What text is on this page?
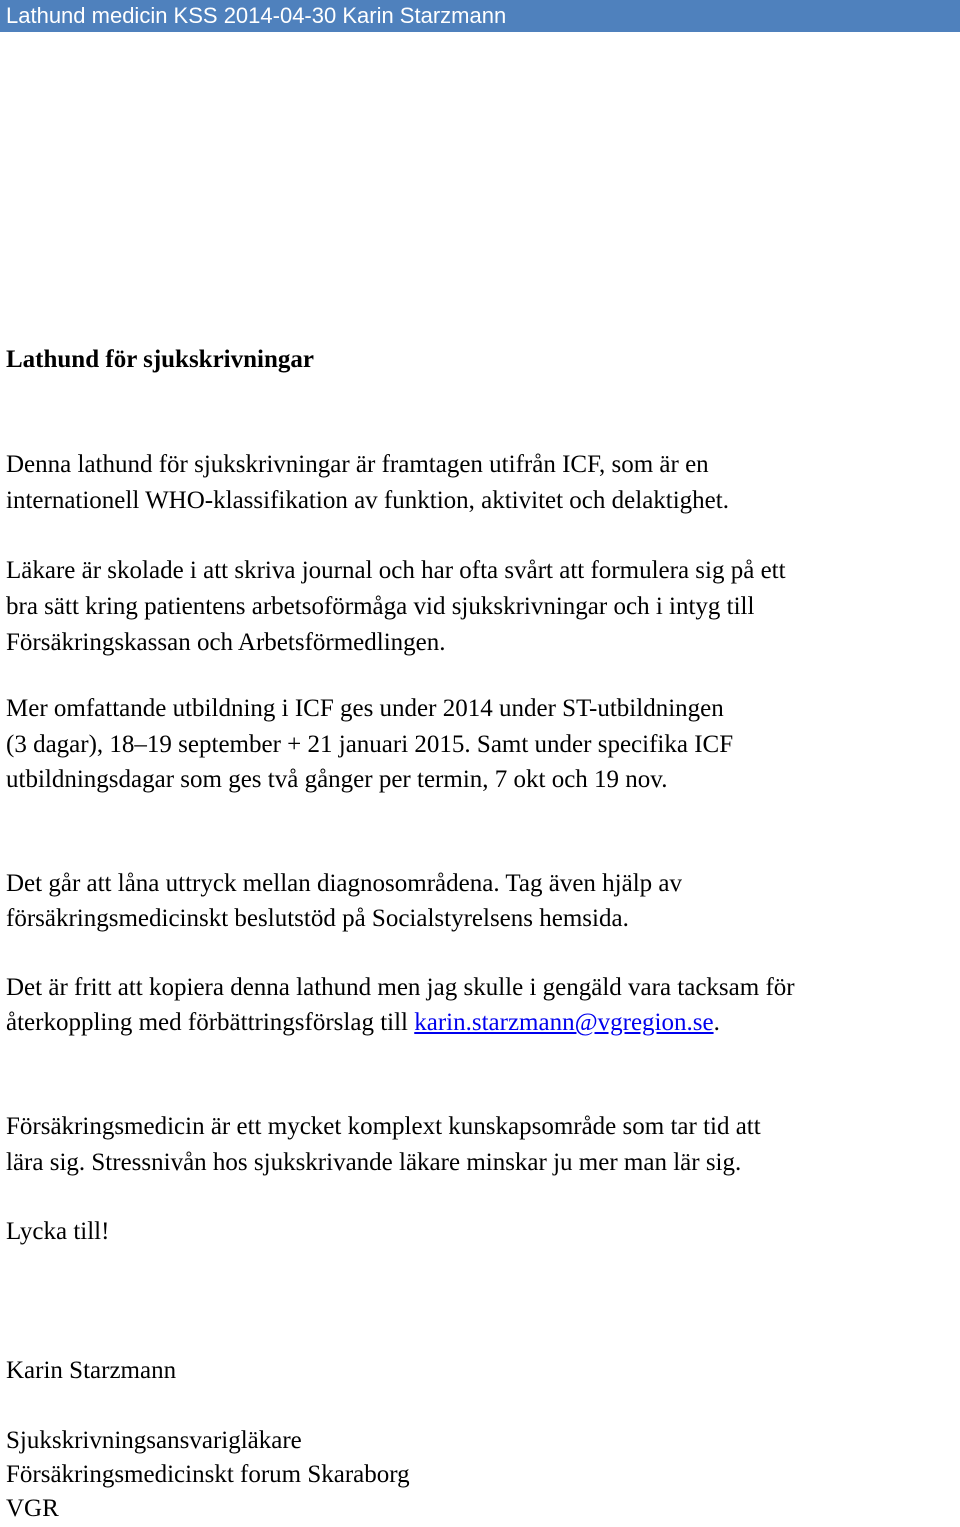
Lathund medicin KSS 2014-04-30 Karin Starzmann

Lathund för sjukskrivningar

Denna lathund för sjukskrivningar är framtagen utifrån ICF, som är en

internationell WHO-klassifikation av funktion, aktivitet och delaktighet.

Läkare är skolade i att skriva journal och har ofta svårt att formulera sig på ett

bra sätt kring patientens arbetsoförmåga vid sjukskrivningar och i intyg till

Försäkringskassan och Arbetsförmedlingen.

Mer omfattande utbildning i ICF ges under 2014 under ST-utbildningen

(3 dagar), 18–19 september + 21 januari 2015. Samt under specifika ICF

utbildningsdagar som ges två gånger per termin, 7 okt och 19 nov.

Det går att låna uttryck mellan diagnosområdena. Tag även hjälp av

försäkringsmedicinskt beslutstöd på Socialstyrelsens hemsida.

Det är fritt att kopiera denna lathund men jag skulle i gengäld vara tacksam för

återkoppling med förbättringsförslag till karin.starzmann@vgregion.se.

Försäkringsmedicin är ett mycket komplext kunskapsområde som tar tid att

lära sig. Stressnivån hos sjukskrivande läkare minskar ju mer man lär sig.

Lycka till!

Karin Starzmann

Sjukskrivningsansvarigläkare

Försäkringsmedicinskt forum Skaraborg

VGR
